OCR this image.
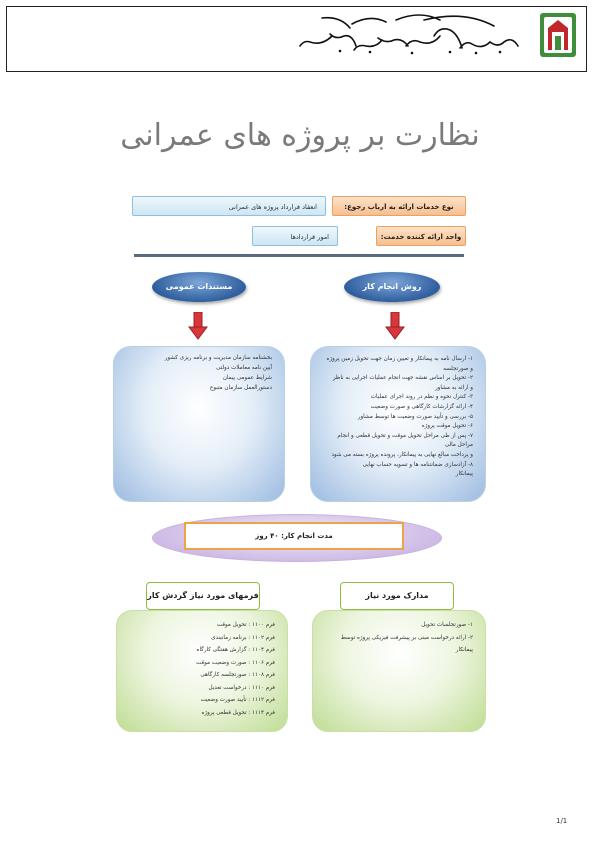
نظارت بر پروژه های عمرانی
انعقاد قرارداد پروژه های عمرانی	نوع خدمات ارائه به ارباب رجوع:
امور قراردادها	واحد ارائه کننده خدمت:
مستندات عمومی	روش انجام کار
بخشنامه سازمان مدیریت و برنامه ریزی کشور
آیین نامه معاملات دولتی
شرایط عمومی پیمان
دستورالعمل سازمان متبوع
۱- ارسال نامه به پیمانکار و تعیین زمان جهت تحویل زمین پروژه
و صورتجلسه
۲- تحویل بر اساس نقشه جهت انجام عملیات اجرایی به ناظر
و ارائه به مشاور
۳- کنترل نحوه و نظم در روند اجرای عملیات
۴- ارائه گزارشات کارگاهی و صورت وضعیت
۵- بررسی و تأیید صورت وضعیت ها توسط مشاور
۶- تحویل موقت پروژه
۷- پس از طی مراحل تحویل موقت و تحویل قطعی و انجام مراحل مالی
و پرداخت مبالغ نهایی به پیمانکار، پرونده پروژه بسته می شود
۸- آزادسازی ضمانتنامه ها و تسویه حساب نهایی
پیمانکار
مدت انجام کار: ۴۰ روز
فرمهای مورد نیاز گردش کار	مدارک مورد نیاز
فرم ۱۱۰۰ : تحویل موقت
فرم ۱۱۰۲ : برنامه زمانبندی
فرم ۱۱۰۴ : گزارش هفتگی کارگاه
فرم ۱۱۰۶ : صورت وضعیت موقت
فرم ۱۱۰۸ : صورتجلسه کارگاهی
فرم ۱۱۱۰ : درخواست تعدیل
فرم ۱۱۱۲ : تأیید صورت وضعیت
فرم ۱۱۱۴ : تحویل قطعی پروژه
۱- صورتجلسات تحویل
۲- ارائه درخواست مبنی بر پیشرفت فیزیکی پروژه توسط پیمانکار
1/1
